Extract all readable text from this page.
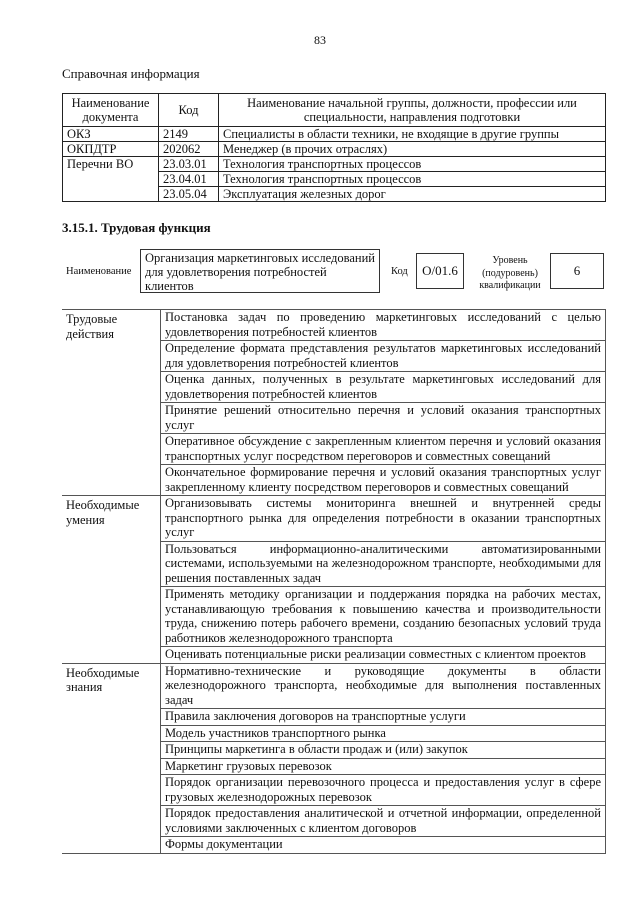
83
Справочная информация
Наименование документа	Код	Наименование начальной группы, должности, профессии или специальности, направления подготовки
ОКЗ	2149	Специалисты в области техники, не входящие в другие группы
ОКПДТР	202062	Менеджер (в прочих отраслях)
Перечни ВО	23.03.01	Технология транспортных процессов
	23.04.01	Технология транспортных процессов
	23.05.04	Эксплуатация железных дорог
3.15.1. Трудовая функция
Наименование
Организация маркетинговых исследований для удовлетворения потребностей клиентов
Код	О/01.6
Уровень (подуровень) квалификации
6
Трудовые действия	Постановка задач по проведению маркетинговых исследований с целью удовлетворения потребностей клиентов
	Определение формата представления результатов маркетинговых исследований для удовлетворения потребностей клиентов
	Оценка данных, полученных в результате маркетинговых исследований для удовлетворения потребностей клиентов
	Принятие решений относительно перечня и условий оказания транспортных услуг
	Оперативное обсуждение с закрепленным клиентом перечня и условий оказания транспортных услуг посредством переговоров и совместных совещаний
	Окончательное формирование перечня и условий оказания транспортных услуг закрепленному клиенту посредством переговоров и совместных совещаний
Необходимые умения	Организовывать системы мониторинга внешней и внутренней среды транспортного рынка для определения потребности в оказании транспортных услуг
	Пользоваться информационно-аналитическими автоматизированными системами, используемыми на железнодорожном транспорте, необходимыми для решения поставленных задач
	Применять методику организации и поддержания порядка на рабочих местах, устанавливающую требования к повышению качества и производительности труда, снижению потерь рабочего времени, созданию безопасных условий труда работников железнодорожного транспорта
	Оценивать потенциальные риски реализации совместных с клиентом проектов
Необходимые знания	Нормативно-технические и руководящие документы в области железнодорожного транспорта, необходимые для выполнения поставленных задач
	Правила заключения договоров на транспортные услуги
	Модель участников транспортного рынка
	Принципы маркетинга в области продаж и (или) закупок
	Маркетинг грузовых перевозок
	Порядок организации перевозочного процесса и предоставления услуг в сфере грузовых железнодорожных перевозок
	Порядок предоставления аналитической и отчетной информации, определенной условиями заключенных с клиентом договоров
	Формы документации
